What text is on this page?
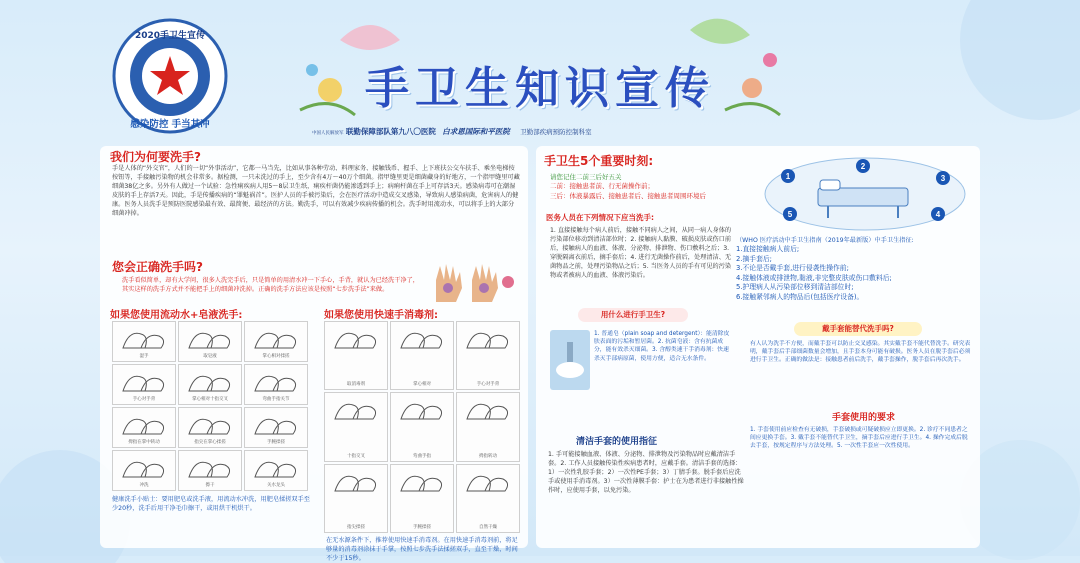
2020手卫生宣传
1937
感染防控 手当其冲
手卫生知识宣传
中国人民解放军 联勤保障部队第九八〇医院 白求恩国际和平医院 卫勤部疾病预防控制科室
我们为何要洗手?
手是人体的“外交官”，人们的一切“外事活动”，它都一马当先，比如从事各种劳动、料理家务、接触钱币、握手、上下班扶公交车扶手、乘坐电梯按按钮等，手接触污染物的机会非常多。据检测，一只未洗过的手上，至少含有4万～40万个细菌。指甲缝里更是细菌藏身的好地方，一个指甲缝里可藏细菌38亿之多。另外有人做过一个试验：急性痢疾病人用5～8层卫生纸，痢疾杆菌仍能渗透到手上；病痢杆菌在手上可存活3天。感染病毒可在潮湿皮肤的手上存活7天。因此，手是传播疾病的“罪魁祸首”。医护人员的手被污染后，会在医疗活动中造成交叉感染，导致病人感染病菌，危害病人的健康。医务人员洗手是预防医院感染最有效、最简便、最经济的方法。勤洗手，可以有效减少疾病传播的机会。洗手时用流动水，可以将手上的大部分细菌冲掉。
您会正确洗手吗?
洗手看似简单，却有大学问，很多人洗完手后，只是简单的用清水冲一下手心，手背，就认为已经洗干净了，其实这样的洗手方式并不能把手上的细菌冲洗掉。正确的洗手方法应该是按照“七步洗手法”来做。
如果您使用流动水+皂液洗手:
湿手	取皂液	掌心相对揉搓
手心对手背	掌心相对十指交叉	弯曲手指关节
拇指在掌中转动	指尖在掌心揉搓	手腕揉搓
冲洗	擦干	关水龙头
健康洗手小贴士：要用肥皂或洗手液，用流动水冲洗，用肥皂揉搓双手至少20秒，洗手后用干净毛巾擦干，或用烘干机烘干。
如果您使用快速手消毒剂:
取消毒剂	掌心相对	手心对手背
十指交叉	弯曲手指	拇指转动
指尖揉搓	手腕揉搓	自然干燥
在无水源条件下，推荐使用快速手消毒剂。在用快速手消毒剂前，将足够量的消毒剂涂抹于手掌，按照七步洗手法揉搓双手，直至干燥，时间不少于15秒。
手卫生5个重要时刻:
请您记住二前三后好五关
二前：接触患者前、行无菌操作前；
三后：体液暴露后、接触患者后、接触患者周围环境后
1
2
3
4
5
医务人员在下列情况下应当洗手:
1. 直接接触每个病人前后，接触不同病人之间，从同一病人身体的污染部位移动到清洁部位时；2. 接触病人黏膜、破损皮肤或伤口前后，接触病人的血液、体液、分泌物、排泄物、伤口敷料之后；3. 穿脱隔离衣前后，摘手套后；4. 进行无菌操作前后，处理清洁、无菌物品之前，处理污染物品之后；5. 当医务人员的手有可见的污染物或者被病人的血液、体液污染后。
（WHO 医疗活动中手卫生指南（2019年最新版）中手卫生指征:
1.直接接触病人前后;
2.摘手套后;
3.不论是否戴手套,进行侵袭性操作前;
4.接触体液或排泄物,黏液,非完整皮肤或伤口敷料后;
5.护理病人从污染部位移到清洁部位时;
6.接触紧邻病人的物品后(包括医疗设备)。
用什么进行手卫生?
1. 普通皂（plain soap and detergent）：能清除皮肤表面的污垢和暂居菌。2. 抗菌皂液：含有抗菌成分，能有效杀灭细菌。3. 含醇类速干手消毒剂：快速杀灭手部病原菌，使用方便，适合无水条件。
清洁手套的使用指征
1. 手可能接触血液、体液、分泌物、排泄物及污染物品时应戴清洁手套。2. 工作人员接触传染性疾病患者时，应戴手套。清洁手套的选择：1）一次性乳胶手套；2）一次性PE手套；3）丁腈手套。脱手套后应洗手或使用手消毒剂。3）一次性薄膜手套：护士在为患者进行非接触性操作时，应使用手套，以免污染。
戴手套能替代洗手吗?
有人认为洗手不方便，而戴手套可以防止交叉感染。其实戴手套不能代替洗手。研究表明，戴手套后手部细菌数量会增加，且手套本身可能有破损。医务人员在脱手套后必须进行手卫生。正确的做法是：接触患者前后洗手，戴手套操作，脱手套后再次洗手。
手套使用的要求
1. 手套使用前应检查有无破损，手套破损或可疑破损应立即更换。2. 诊疗不同患者之间应更换手套。3. 戴手套不能替代手卫生，摘手套后应进行手卫生。4. 操作完成后脱去手套，按规定程序与方法处理。5. 一次性手套应一次性使用。
